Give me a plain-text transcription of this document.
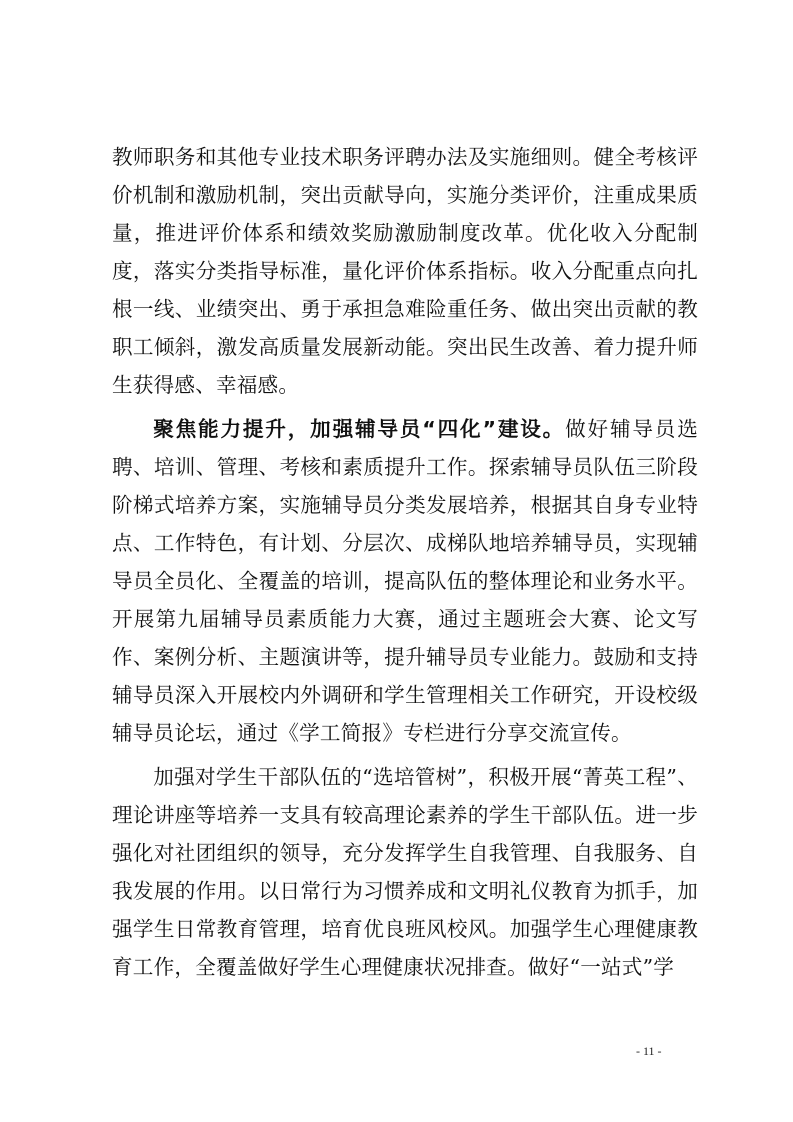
教师职务和其他专业技术职务评聘办法及实施细则。健全考核评价机制和激励机制，突出贡献导向，实施分类评价，注重成果质量，推进评价体系和绩效奖励激励制度改革。优化收入分配制度，落实分类指导标准，量化评价体系指标。收入分配重点向扎根一线、业绩突出、勇于承担急难险重任务、做出突出贡献的教职工倾斜，激发高质量发展新动能。突出民生改善、着力提升师生获得感、幸福感。

聚焦能力提升，加强辅导员“四化”建设。做好辅导员选聘、培训、管理、考核和素质提升工作。探索辅导员队伍三阶段阶梯式培养方案，实施辅导员分类发展培养，根据其自身专业特点、工作特色，有计划、分层次、成梯队地培养辅导员，实现辅导员全员化、全覆盖的培训，提高队伍的整体理论和业务水平。开展第九届辅导员素质能力大赛，通过主题班会大赛、论文写作、案例分析、主题演讲等，提升辅导员专业能力。鼓励和支持辅导员深入开展校内外调研和学生管理相关工作研究，开设校级辅导员论坛，通过《学工简报》专栏进行分享交流宣传。

加强对学生干部队伍的“选培管树”，积极开展“菁英工程”、理论讲座等培养一支具有较高理论素养的学生干部队伍。进一步强化对社团组织的领导，充分发挥学生自我管理、自我服务、自我发展的作用。以日常行为习惯养成和文明礼仪教育为抓手，加强学生日常教育管理，培育优良班风校风。加强学生心理健康教育工作，全覆盖做好学生心理健康状况排查。做好“一站式”学

- 11 -
